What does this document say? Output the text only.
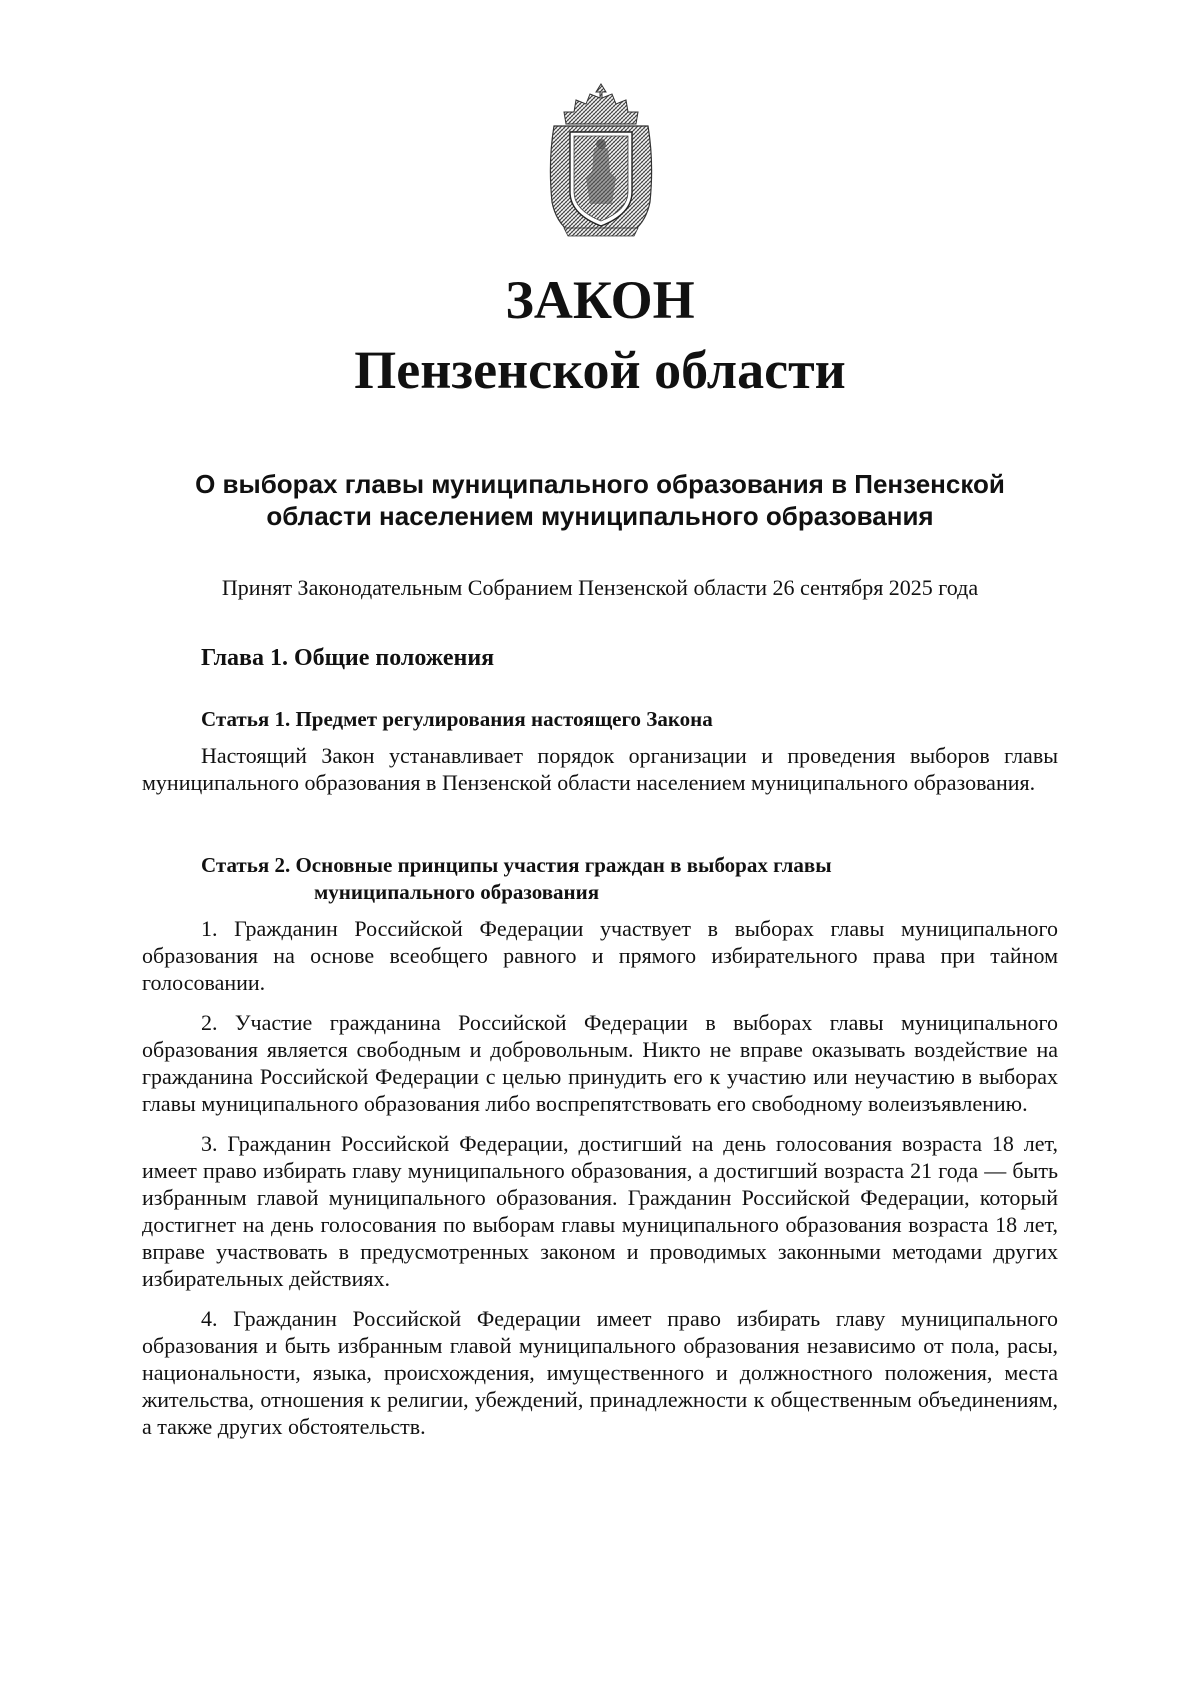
ЗАКОН
Пензенской области
О выборах главы муниципального образования в Пензенской области населением муниципального образования

Принят Законодательным Собранием Пензенской области 26 сентября 2025 года

Глава 1. Общие положения
Статья 1. Предмет регулирования настоящего Закона

Настоящий Закон устанавливает порядок организации и проведения выборов главы муниципального образования в Пензенской области населением муниципального образования.

Статья 2. Основные принципы участия граждан в выборах главы
муниципального образования

1. Гражданин Российской Федерации участвует в выборах главы муниципального образования на основе всеобщего равного и прямого избирательного права при тайном голосовании.

2. Участие гражданина Российской Федерации в выборах главы муниципального образования является свободным и добровольным. Никто не вправе оказывать воздействие на гражданина Российской Федерации с целью принудить его к участию или неучастию в выборах главы муниципального образования либо воспрепятствовать его свободному волеизъявлению.

3. Гражданин Российской Федерации, достигший на день голосования возраста 18 лет, имеет право избирать главу муниципального образования, а достигший возраста 21 года — быть избранным главой муниципального образования. Гражданин Российской Федерации, который достигнет на день голосования по выборам главы муниципального образования возраста 18 лет, вправе участвовать в предусмотренных законом и проводимых законными методами других избирательных действиях.

4. Гражданин Российской Федерации имеет право избирать главу муниципального образования и быть избранным главой муниципального образования независимо от пола, расы, национальности, языка, происхождения, имущественного и должностного положения, места жительства, отношения к религии, убеждений, принадлежности к общественным объединениям, а также других обстоятельств.
